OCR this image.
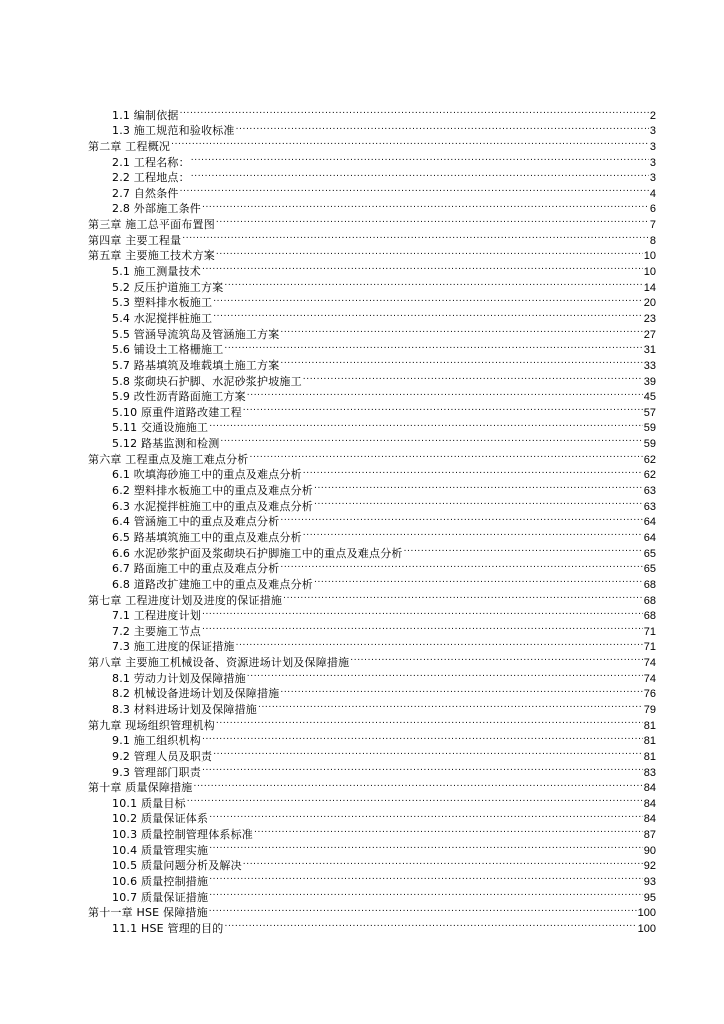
1.1 编制依据 .....	2
1.3 施工规范和验收标准 .....	3
第二章 工程概况 .....	3
2.1 工程名称： .....	3
2.2 工程地点： .....	3
2.7 自然条件 .....	4
2.8 外部施工条件 .....	6
第三章 施工总平面布置图 .....	7
第四章 主要工程量 .....	8
第五章 主要施工技术方案 .....	10
5.1 施工测量技术 .....	10
5.2 反压护道施工方案 .....	14
5.3 塑料排水板施工 .....	20
5.4 水泥搅拌桩施工 .....	23
5.5 管涵导流筑岛及管涵施工方案 .....	27
5.6 铺设土工格栅施工 .....	31
5.7 路基填筑及堆载填土施工方案 .....	33
5.8 浆砌块石护脚、水泥砂浆护坡施工 .....	39
5.9 改性沥青路面施工方案 .....	45
5.10 原重件道路改建工程 .....	57
5.11 交通设施施工 .....	59
5.12 路基监测和检测 .....	59
第六章 工程重点及施工难点分析 .....	62
6.1 吹填海砂施工中的重点及难点分析 .....	62
6.2 塑料排水板施工中的重点及难点分析 .....	63
6.3 水泥搅拌桩施工中的重点及难点分析 .....	63
6.4 管涵施工中的重点及难点分析 .....	64
6.5 路基填筑施工中的重点及难点分析 .....	64
6.6 水泥砂浆护面及浆砌块石护脚施工中的重点及难点分析 .....	65
6.7 路面施工中的重点及难点分析 .....	65
6.8 道路改扩建施工中的重点及难点分析 .....	68
第七章 工程进度计划及进度的保证措施 .....	68
7.1 工程进度计划 .....	68
7.2 主要施工节点 .....	71
7.3 施工进度的保证措施 .....	71
第八章 主要施工机械设备、资源进场计划及保障措施 .....	74
8.1 劳动力计划及保障措施 .....	74
8.2 机械设备进场计划及保障措施 .....	76
8.3 材料进场计划及保障措施 .....	79
第九章 现场组织管理机构 .....	81
9.1 施工组织机构 .....	81
9.2 管理人员及职责 .....	81
9.3 管理部门职责 .....	83
第十章 质量保障措施 .....	84
10.1 质量目标 .....	84
10.2 质量保证体系 .....	84
10.3 质量控制管理体系标准 .....	87
10.4 质量管理实施 .....	90
10.5 质量问题分析及解决 .....	92
10.6 质量控制措施 .....	93
10.7 质量保证措施 .....	95
第十一章 HSE 保障措施 .....	100
11.1 HSE 管理的目的 .....	100
